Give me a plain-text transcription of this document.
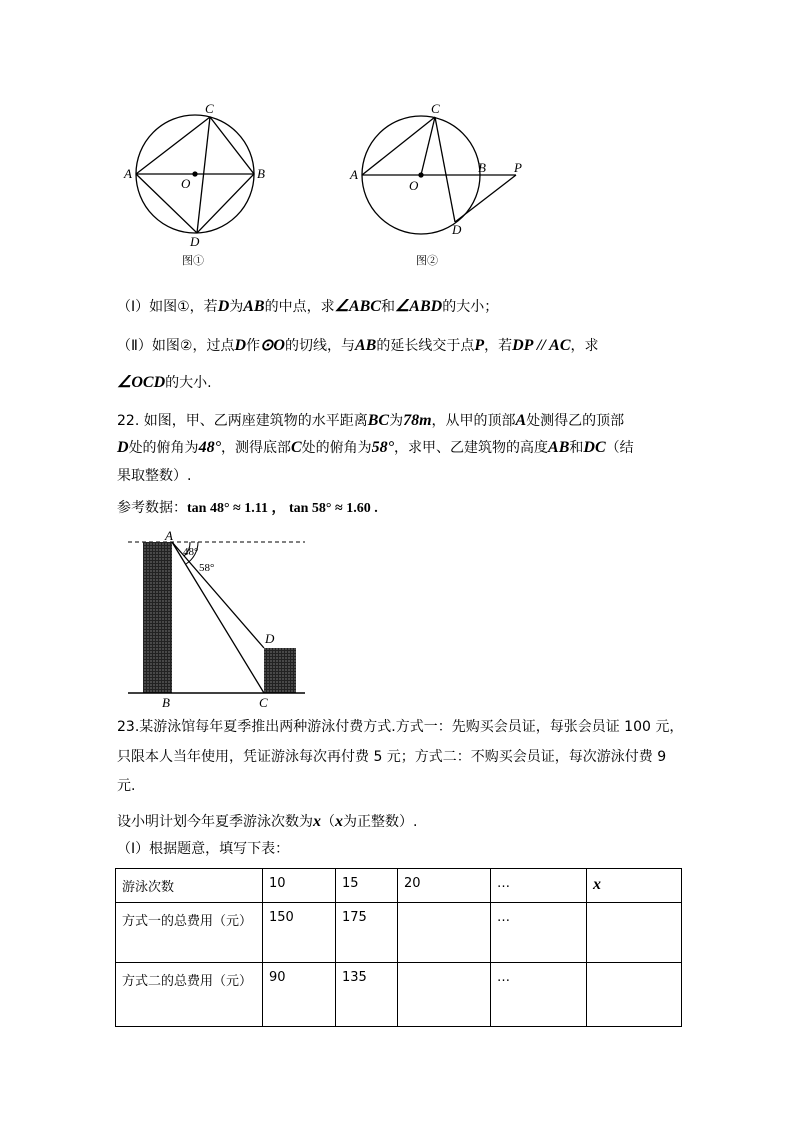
A	B
C
D
O
图①
A	B P
C
D
O
图②
A
B	C
D
48°
58°
（Ⅰ）如图①，若D为AB的中点，求∠ABC和∠ABD的大小；
（Ⅱ）如图②，过点D作⊙O的切线，与AB的延长线交于点P，若DP // AC，求
∠OCD的大小.
22. 如图，甲、乙两座建筑物的水平距离BC为78m，从甲的顶部A处测得乙的顶部
D处的俯角为48°，测得底部C处的俯角为58°，求甲、乙建筑物的高度AB和DC（结
果取整数）.
参考数据：tan 48° ≈ 1.11 ， tan 58° ≈ 1.60 .
23.某游泳馆每年夏季推出两种游泳付费方式.方式一：先购买会员证，每张会员证 100 元，
只限本人当年使用，凭证游泳每次再付费 5 元；方式二：不购买会员证，每次游泳付费 9
元.
设小明计划今年夏季游泳次数为x（x为正整数）.
（Ⅰ）根据题意，填写下表：
游泳次数	10	15	20	…	x
方式一的总费用（元）	150	175		…	
方式二的总费用（元）	90	135		…	
